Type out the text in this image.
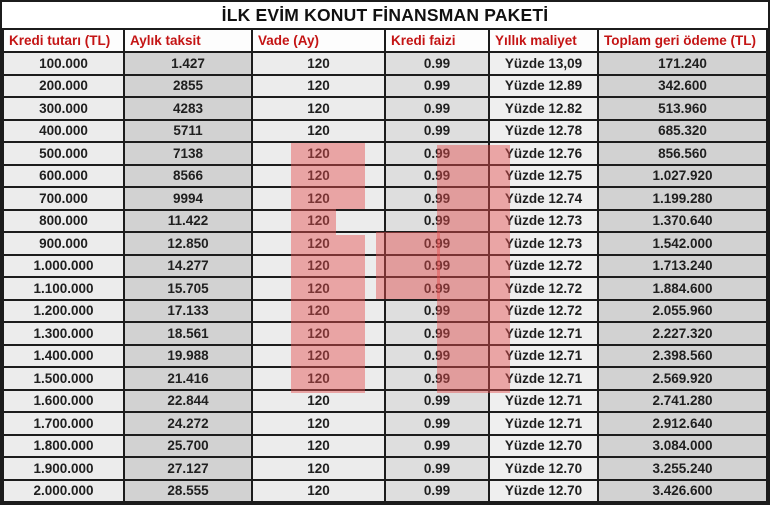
İLK EVİM KONUT FİNANSMAN PAKETİ
Kredi tutarı (TL)	Aylık taksit	Vade (Ay)	Kredi faizi	Yıllık maliyet	Toplam geri ödeme (TL)
100.000	1.427	120	0.99	Yüzde 13,09	171.240
200.000	2855	120	0.99	Yüzde 12.89	342.600
300.000	4283	120	0.99	Yüzde 12.82	513.960
400.000	5711	120	0.99	Yüzde 12.78	685.320
500.000	7138	120	0.99	Yüzde 12.76	856.560
600.000	8566	120	0.99	Yüzde 12.75	1.027.920
700.000	9994	120	0.99	Yüzde 12.74	1.199.280
800.000	11.422	120	0.99	Yüzde 12.73	1.370.640
900.000	12.850	120	0.99	Yüzde 12.73	1.542.000
1.000.000	14.277	120	0.99	Yüzde 12.72	1.713.240
1.100.000	15.705	120	0.99	Yüzde 12.72	1.884.600
1.200.000	17.133	120	0.99	Yüzde 12.72	2.055.960
1.300.000	18.561	120	0.99	Yüzde 12.71	2.227.320
1.400.000	19.988	120	0.99	Yüzde 12.71	2.398.560
1.500.000	21.416	120	0.99	Yüzde 12.71	2.569.920
1.600.000	22.844	120	0.99	Yüzde 12.71	2.741.280
1.700.000	24.272	120	0.99	Yüzde 12.71	2.912.640
1.800.000	25.700	120	0.99	Yüzde 12.70	3.084.000
1.900.000	27.127	120	0.99	Yüzde 12.70	3.255.240
2.000.000	28.555	120	0.99	Yüzde 12.70	3.426.600
